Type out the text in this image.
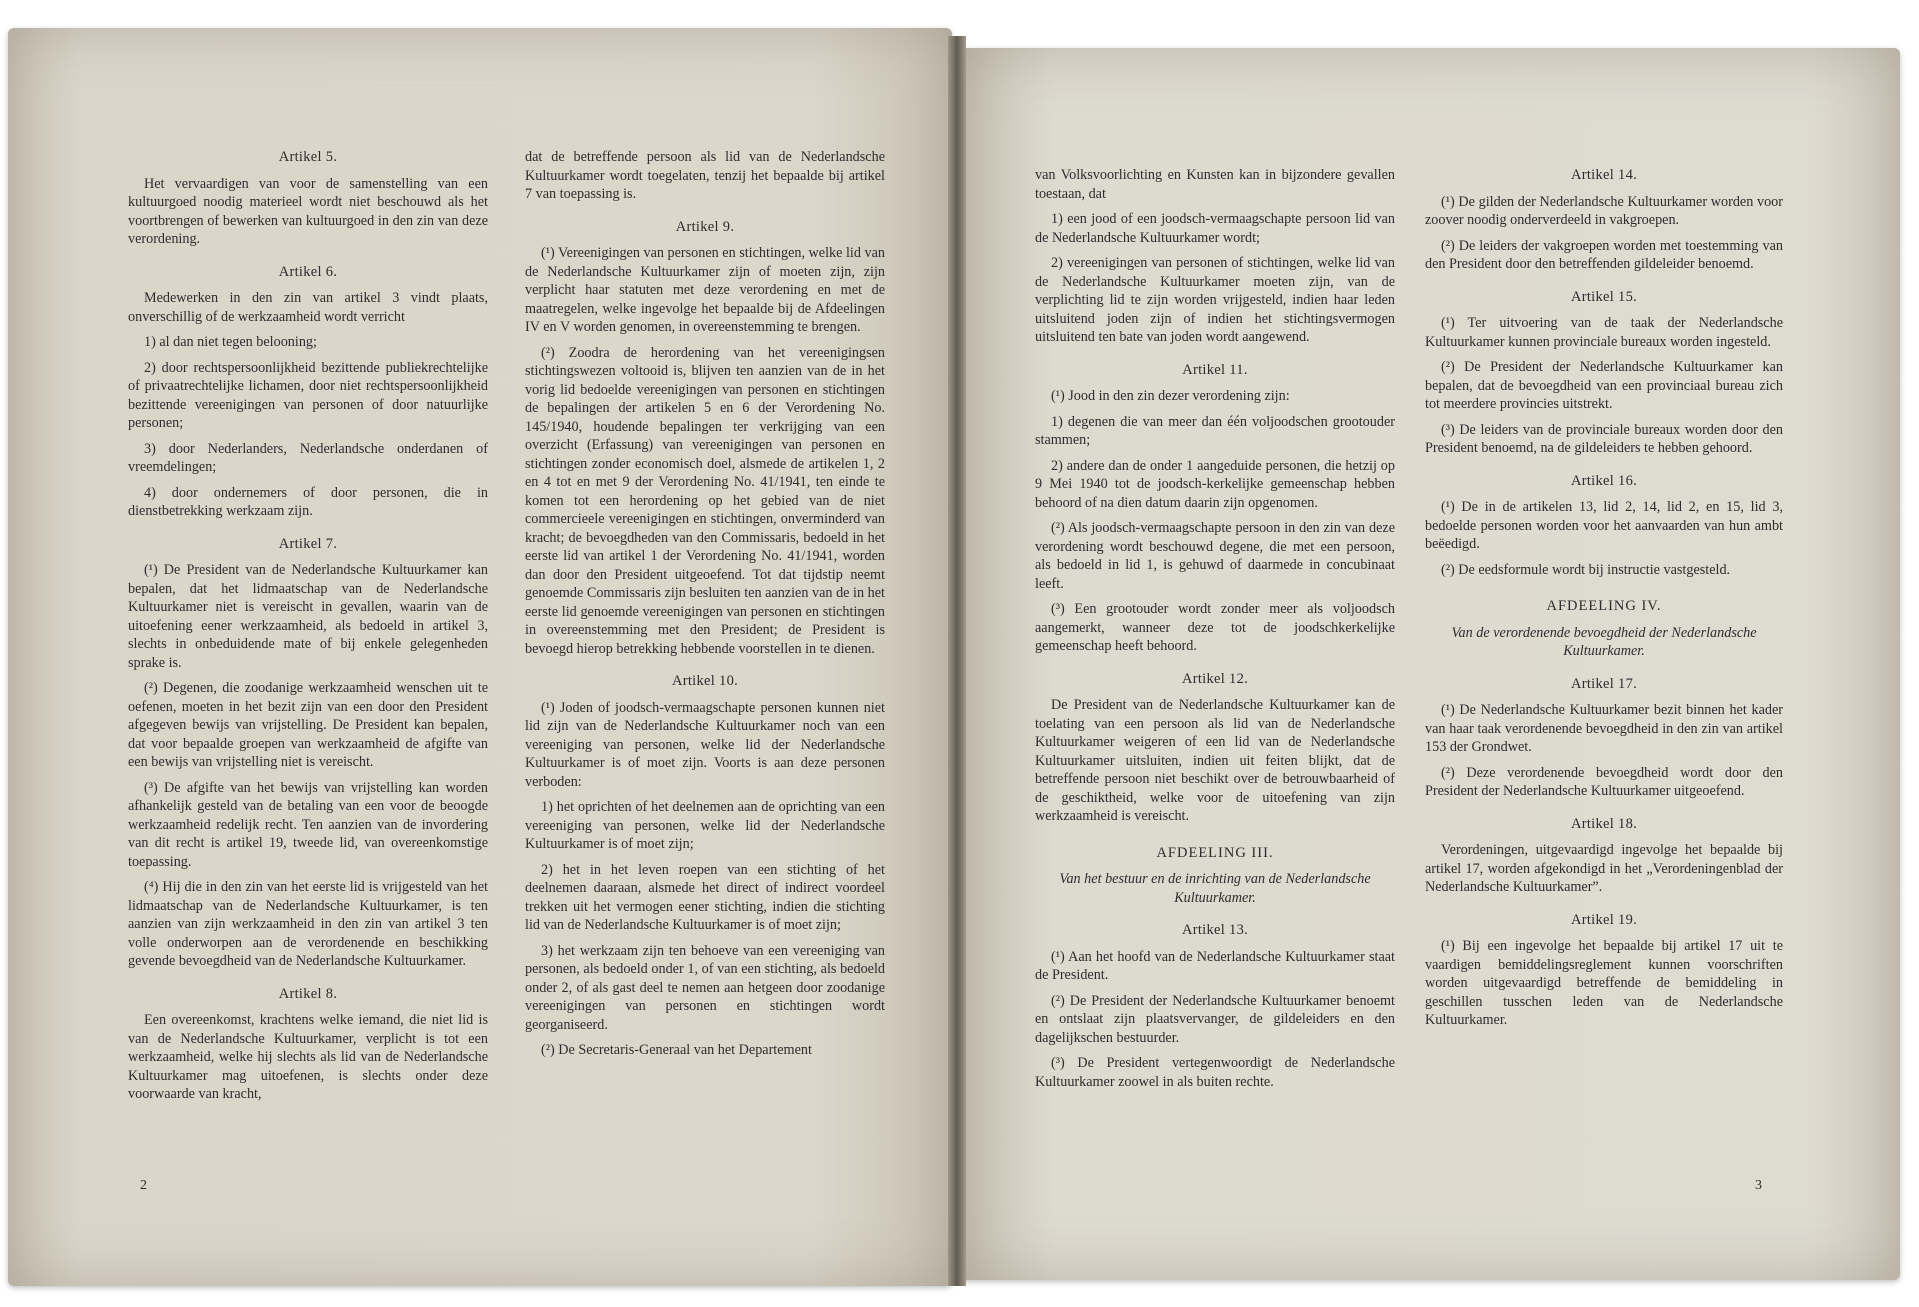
Artikel 5.

Het vervaardigen van voor de samenstelling van een kultuurgoed noodig materieel wordt niet beschouwd als het voortbrengen of bewerken van kultuurgoed in den zin van deze verordening.

Artikel 6.

Medewerken in den zin van artikel 3 vindt plaats, onverschillig of de werkzaamheid wordt verricht

1) al dan niet tegen belooning;

2) door rechtspersoonlijkheid bezittende publiekrechtelijke of privaatrechtelijke lichamen, door niet rechtspersoonlijkheid bezittende vereenigingen van personen of door natuurlijke personen;

3) door Nederlanders, Nederlandsche onderdanen of vreemdelingen;

4) door ondernemers of door personen, die in dienstbetrekking werkzaam zijn.

Artikel 7.

(¹) De President van de Nederlandsche Kultuurkamer kan bepalen, dat het lidmaatschap van de Nederlandsche Kultuurkamer niet is vereischt in gevallen, waarin van de uitoefening eener werkzaamheid, als bedoeld in artikel 3, slechts in onbeduidende mate of bij enkele gelegenheden sprake is.

(²) Degenen, die zoodanige werkzaamheid wenschen uit te oefenen, moeten in het bezit zijn van een door den President afgegeven bewijs van vrijstelling. De President kan bepalen, dat voor bepaalde groepen van werkzaamheid de afgifte van een bewijs van vrijstelling niet is vereischt.

(³) De afgifte van het bewijs van vrijstelling kan worden afhankelijk gesteld van de betaling van een voor de beoogde werkzaamheid redelijk recht. Ten aanzien van de invordering van dit recht is artikel 19, tweede lid, van overeenkomstige toepassing.

(⁴) Hij die in den zin van het eerste lid is vrijgesteld van het lidmaatschap van de Nederlandsche Kultuurkamer, is ten aanzien van zijn werkzaamheid in den zin van artikel 3 ten volle onderworpen aan de verordenende en beschikking gevende bevoegdheid van de Nederlandsche Kultuurkamer.

Artikel 8.

Een overeenkomst, krachtens welke iemand, die niet lid is van de Nederlandsche Kultuurkamer, verplicht is tot een werkzaamheid, welke hij slechts als lid van de Nederlandsche Kultuurkamer mag uitoefenen, is slechts onder deze voorwaarde van kracht,

dat de betreffende persoon als lid van de Nederlandsche Kultuurkamer wordt toegelaten, tenzij het bepaalde bij artikel 7 van toepassing is.

Artikel 9.

(¹) Vereenigingen van personen en stichtingen, welke lid van de Nederlandsche Kultuurkamer zijn of moeten zijn, zijn verplicht haar statuten met deze verordening en met de maatregelen, welke ingevolge het bepaalde bij de Afdeelingen IV en V worden genomen, in overeenstemming te brengen.

(²) Zoodra de herordening van het vereenigingsen stichtingswezen voltooid is, blijven ten aanzien van de in het vorig lid bedoelde vereenigingen van personen en stichtingen de bepalingen der artikelen 5 en 6 der Verordening No. 145/1940, houdende bepalingen ter verkrijging van een overzicht (Erfassung) van vereenigingen van personen en stichtingen zonder economisch doel, alsmede de artikelen 1, 2 en 4 tot en met 9 der Verordening No. 41/1941, ten einde te komen tot een herordening op het gebied van de niet commercieele vereenigingen en stichtingen, onverminderd van kracht; de bevoegdheden van den Commissaris, bedoeld in het eerste lid van artikel 1 der Verordening No. 41/1941, worden dan door den President uitgeoefend. Tot dat tijdstip neemt genoemde Commissaris zijn besluiten ten aanzien van de in het eerste lid genoemde vereenigingen van personen en stichtingen in overeenstemming met den President; de President is bevoegd hierop betrekking hebbende voorstellen in te dienen.

Artikel 10.

(¹) Joden of joodsch-vermaagschapte personen kunnen niet lid zijn van de Nederlandsche Kultuurkamer noch van een vereeniging van personen, welke lid der Nederlandsche Kultuurkamer is of moet zijn. Voorts is aan deze personen verboden:

1) het oprichten of het deelnemen aan de oprichting van een vereeniging van personen, welke lid der Nederlandsche Kultuurkamer is of moet zijn;

2) het in het leven roepen van een stichting of het deelnemen daaraan, alsmede het direct of indirect voordeel trekken uit het vermogen eener stichting, indien die stichting lid van de Nederlandsche Kultuurkamer is of moet zijn;

3) het werkzaam zijn ten behoeve van een vereeniging van personen, als bedoeld onder 1, of van een stichting, als bedoeld onder 2, of als gast deel te nemen aan hetgeen door zoodanige vereenigingen van personen en stichtingen wordt georganiseerd.

(²) De Secretaris-Generaal van het Departement

van Volksvoorlichting en Kunsten kan in bijzondere gevallen toestaan, dat

1) een jood of een joodsch-vermaagschapte persoon lid van de Nederlandsche Kultuurkamer wordt;

2) vereenigingen van personen of stichtingen, welke lid van de Nederlandsche Kultuurkamer moeten zijn, van de verplichting lid te zijn worden vrijgesteld, indien haar leden uitsluitend joden zijn of indien het stichtingsvermogen uitsluitend ten bate van joden wordt aangewend.

Artikel 11.

(¹) Jood in den zin dezer verordening zijn:

1) degenen die van meer dan één voljoodschen grootouder stammen;

2) andere dan de onder 1 aangeduide personen, die hetzij op 9 Mei 1940 tot de joodsch-kerkelijke gemeenschap hebben behoord of na dien datum daarin zijn opgenomen.

(²) Als joodsch-vermaagschapte persoon in den zin van deze verordening wordt beschouwd degene, die met een persoon, als bedoeld in lid 1, is gehuwd of daarmede in concubinaat leeft.

(³) Een grootouder wordt zonder meer als voljoodsch aangemerkt, wanneer deze tot de joodschkerkelijke gemeenschap heeft behoord.

Artikel 12.

De President van de Nederlandsche Kultuurkamer kan de toelating van een persoon als lid van de Nederlandsche Kultuurkamer weigeren of een lid van de Nederlandsche Kultuurkamer uitsluiten, indien uit feiten blijkt, dat de betreffende persoon niet beschikt over de betrouwbaarheid of de geschiktheid, welke voor de uitoefening van zijn werkzaamheid is vereischt.

AFDEELING III.

Van het bestuur en de inrichting van de Nederlandsche Kultuurkamer.

Artikel 13.

(¹) Aan het hoofd van de Nederlandsche Kultuurkamer staat de President.

(²) De President der Nederlandsche Kultuurkamer benoemt en ontslaat zijn plaatsvervanger, de gildeleiders en den dagelijkschen bestuurder.

(³) De President vertegenwoordigt de Nederlandsche Kultuurkamer zoowel in als buiten rechte.

Artikel 14.

(¹) De gilden der Nederlandsche Kultuurkamer worden voor zoover noodig onderverdeeld in vakgroepen.

(²) De leiders der vakgroepen worden met toestemming van den President door den betreffenden gildeleider benoemd.

Artikel 15.

(¹) Ter uitvoering van de taak der Nederlandsche Kultuurkamer kunnen provinciale bureaux worden ingesteld.

(²) De President der Nederlandsche Kultuurkamer kan bepalen, dat de bevoegdheid van een provinciaal bureau zich tot meerdere provincies uitstrekt.

(³) De leiders van de provinciale bureaux worden door den President benoemd, na de gildeleiders te hebben gehoord.

Artikel 16.

(¹) De in de artikelen 13, lid 2, 14, lid 2, en 15, lid 3, bedoelde personen worden voor het aanvaarden van hun ambt beëedigd.

(²) De eedsformule wordt bij instructie vastgesteld.

AFDEELING IV.

Van de verordenende bevoegdheid der Nederlandsche Kultuurkamer.

Artikel 17.

(¹) De Nederlandsche Kultuurkamer bezit binnen het kader van haar taak verordenende bevoegdheid in den zin van artikel 153 der Grondwet.

(²) Deze verordenende bevoegdheid wordt door den President der Nederlandsche Kultuurkamer uitgeoefend.

Artikel 18.

Verordeningen, uitgevaardigd ingevolge het bepaalde bij artikel 17, worden afgekondigd in het „Verordeningenblad der Nederlandsche Kultuurkamer”.

Artikel 19.

(¹) Bij een ingevolge het bepaalde bij artikel 17 uit te vaardigen bemiddelingsreglement kunnen voorschriften worden uitgevaardigd betreffende de bemiddeling in geschillen tusschen leden van de Nederlandsche Kultuurkamer.

2	3
